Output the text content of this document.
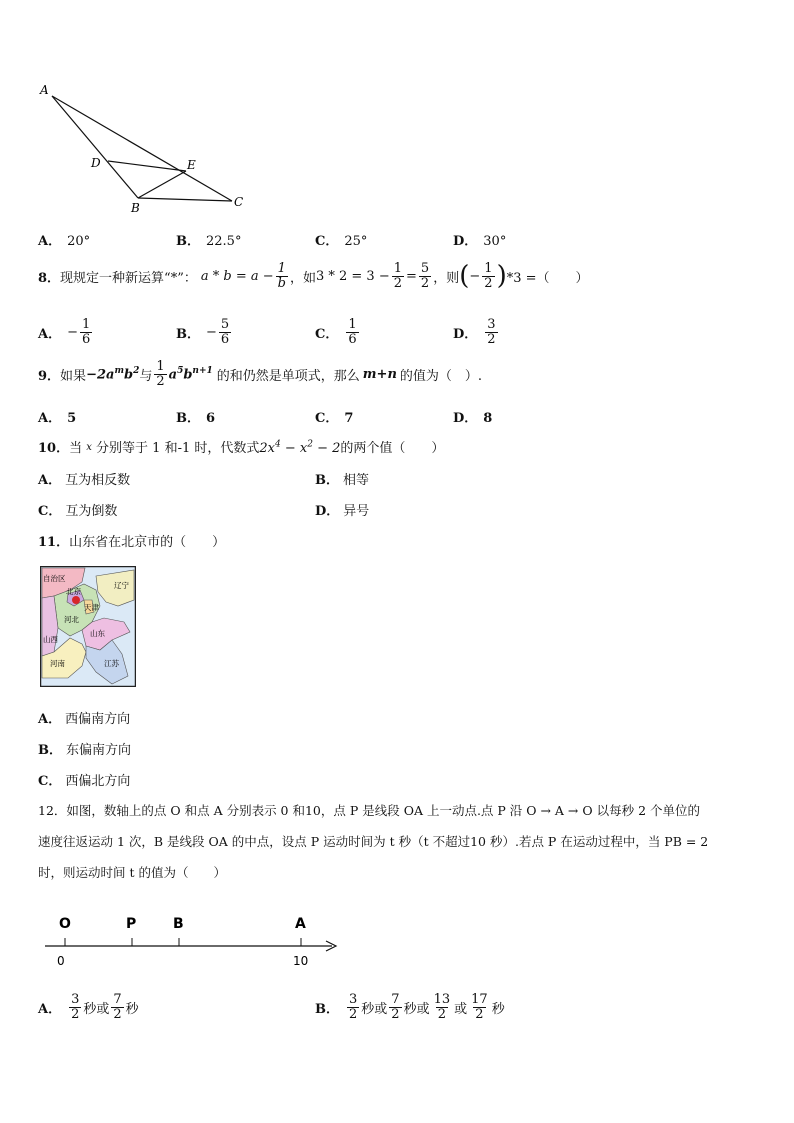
A
D	E
B	C
A． 20°	B． 22.5°	C． 25°	D． 30°
8． 现规定一种新运算“*”： $a * b = a - \frac{1}{b}$ ，如 $3 * 2 = 3 - \frac{1}{2} = \frac{5}{2}$ ，则 ( − $\frac{1}{2}$ ) *3 =（　　）
A． − $\frac{1}{6}$	B． − $\frac{5}{6}$	C． $\frac{1}{6}$	D． $\frac{3}{2}$
9． 如果 $-2a^mb^2$ 与 $\frac{1}{2} a^5b^{n+1}$ 的和仍然是单项式，那么 m+n 的值为（　）.
A． 5	B． 6	C． 7	D． 8
10．当 x 分别等于 1 和-1 时，代数式$2x^4 - x^2 - 2$的两个值（　　）
A． 互为相反数	B． 相等
C． 互为倒数	D． 异号
11．山东省在北京市的（　　）
自治区
辽宁
北京
天津
河北
山东
山西
河南	江苏
A． 西偏南方向
B． 东偏南方向
C． 西偏北方向
12．如图，数轴上的点 O 和点 A 分别表示 0 和10，点 P 是线段 OA 上一动点.点 P 沿 O → A → O 以每秒 2 个单位的
速度往返运动 1 次，B 是线段 OA 的中点，设点 P 运动时间为 t 秒（t 不超过10 秒）.若点 P 在运动过程中，当 PB = 2
时，则运动时间 t 的值为（　　）
O	P	B	A
0	10
A． $\frac{3}{2}$ 秒或 $\frac{7}{2}$ 秒	B． $\frac{3}{2}$ 秒或 $\frac{7}{2}$ 秒或 $\frac{13}{2}$ 或 $\frac{17}{2}$ 秒
